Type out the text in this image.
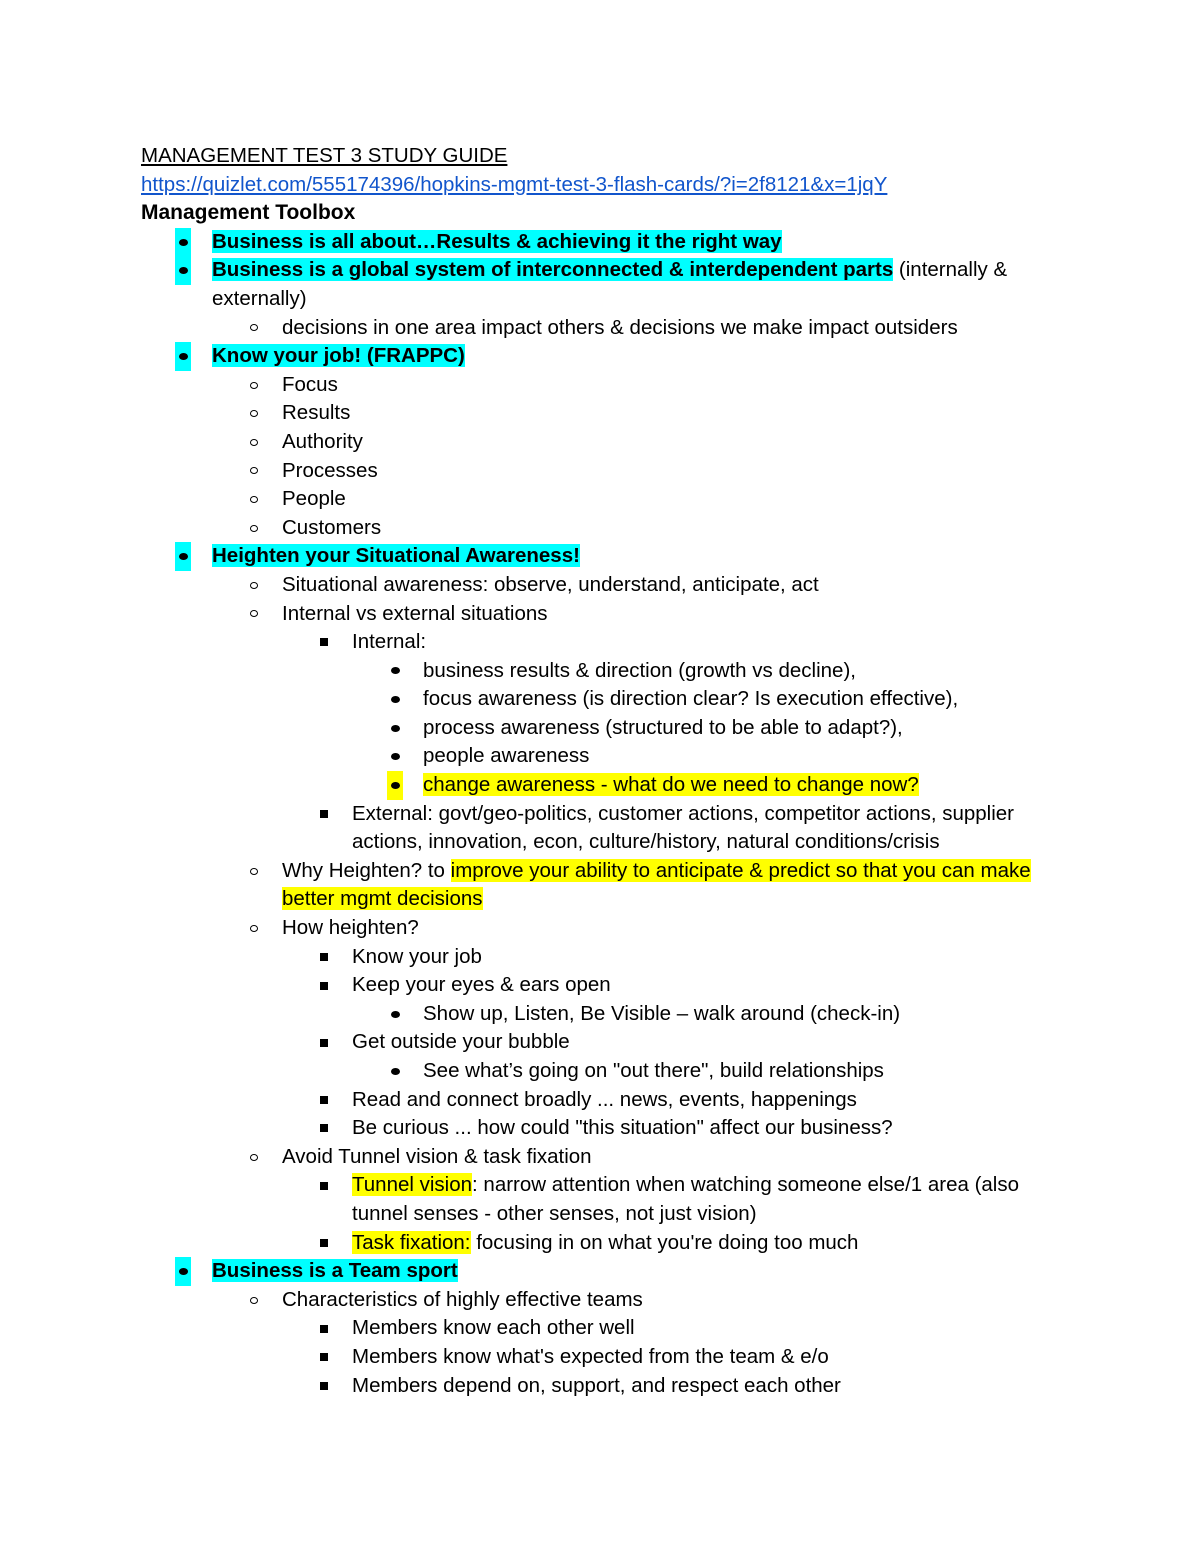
MANAGEMENT TEST 3 STUDY GUIDE
https://quizlet.com/555174396/hopkins-mgmt-test-3-flash-cards/?i=2f8121&x=1jqY
Management Toolbox
Business is all about…Results & achieving it the right way
Business is a global system of interconnected & interdependent parts (internally & externally)
decisions in one area impact others & decisions we make impact outsiders
Know your job! (FRAPPC)
Focus
Results
Authority
Processes
People
Customers
Heighten your Situational Awareness!
Situational awareness: observe, understand, anticipate, act
Internal vs external situations
Internal:
business results & direction (growth vs decline),
focus awareness (is direction clear? Is execution effective),
process awareness (structured to be able to adapt?),
people awareness
change awareness - what do we need to change now?
External: govt/geo-politics, customer actions, competitor actions, supplier actions, innovation, econ, culture/history, natural conditions/crisis
Why Heighten? to improve your ability to anticipate & predict so that you can make better mgmt decisions
How heighten?
Know your job
Keep your eyes & ears open
Show up, Listen, Be Visible – walk around (check-in)
Get outside your bubble
See what’s going on "out there", build relationships
Read and connect broadly ... news, events, happenings
Be curious ... how could "this situation" affect our business?
Avoid Tunnel vision & task fixation
Tunnel vision: narrow attention when watching someone else/1 area (also tunnel senses - other senses, not just vision)
Task fixation: focusing in on what you're doing too much
Business is a Team sport
Characteristics of highly effective teams
Members know each other well
Members know what's expected from the team & e/o
Members depend on, support, and respect each other
